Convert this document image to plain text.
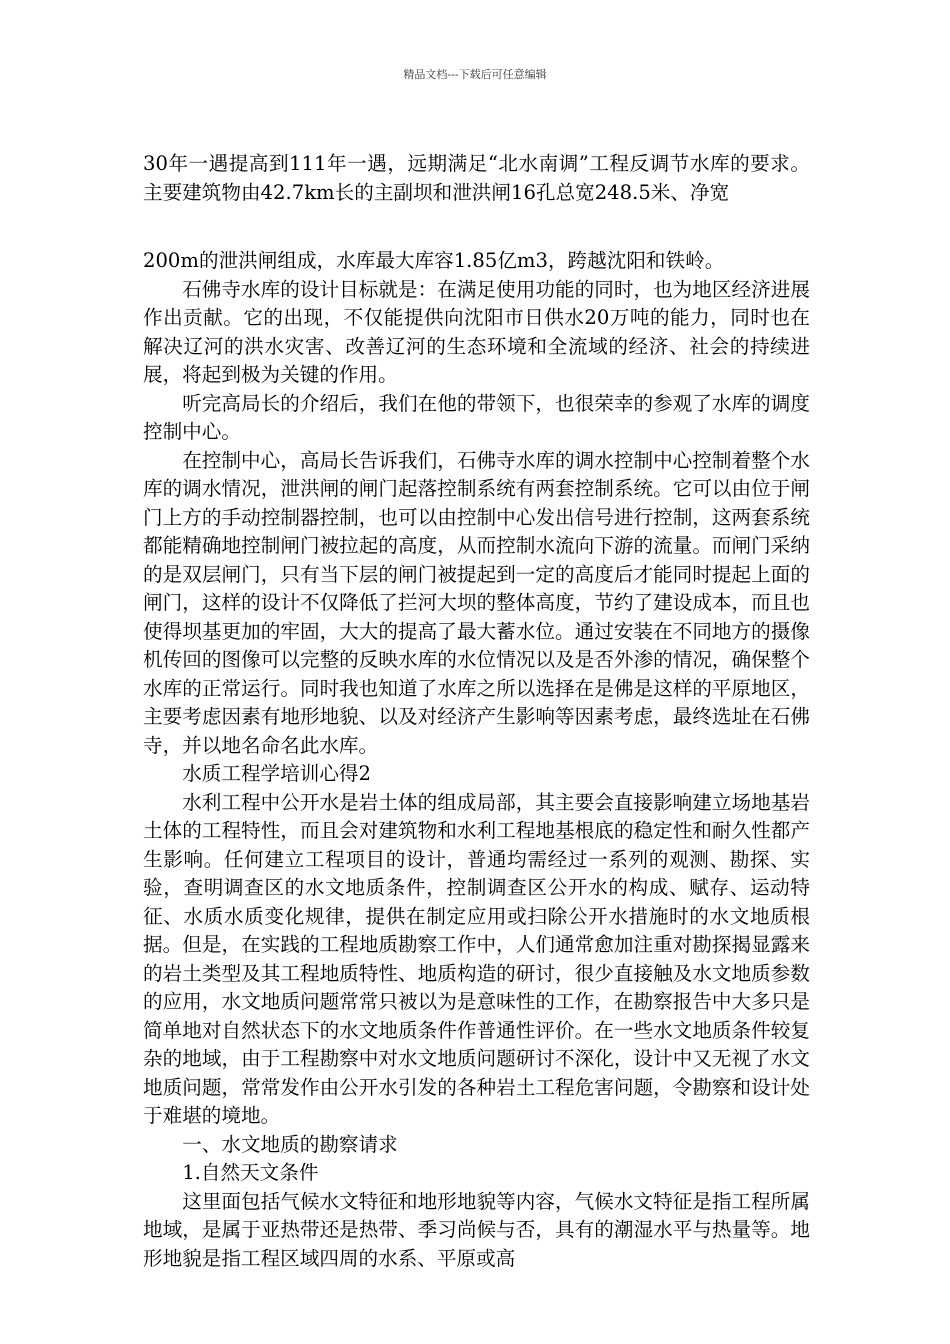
精品文档---下载后可任意编辑

30年一遇提高到111年一遇，远期满足“北水南调”工程反调节水库的要求。主要建筑物由42.7km长的主副坝和泄洪闸16孔总宽248.5米、净宽

200m的泄洪闸组成，水库最大库容1.85亿m3，跨越沈阳和铁岭。

石佛寺水库的设计目标就是：在满足使用功能的同时，也为地区经济进展作出贡献。它的出现，不仅能提供向沈阳市日供水20万吨的能力，同时也在解决辽河的洪水灾害、改善辽河的生态环境和全流域的经济、社会的持续进展，将起到极为关键的作用。

听完高局长的介绍后，我们在他的带领下，也很荣幸的参观了水库的调度控制中心。

在控制中心，高局长告诉我们，石佛寺水库的调水控制中心控制着整个水库的调水情况，泄洪闸的闸门起落控制系统有两套控制系统。它可以由位于闸门上方的手动控制器控制，也可以由控制中心发出信号进行控制，这两套系统都能精确地控制闸门被拉起的高度，从而控制水流向下游的流量。而闸门采纳的是双层闸门，只有当下层的闸门被提起到一定的高度后才能同时提起上面的闸门，这样的设计不仅降低了拦河大坝的整体高度，节约了建设成本，而且也使得坝基更加的牢固，大大的提高了最大蓄水位。通过安装在不同地方的摄像机传回的图像可以完整的反映水库的水位情况以及是否外渗的情况，确保整个水库的正常运行。同时我也知道了水库之所以选择在是佛是这样的平原地区，主要考虑因素有地形地貌、以及对经济产生影响等因素考虑，最终选址在石佛寺，并以地名命名此水库。

水质工程学培训心得2

水利工程中公开水是岩土体的组成局部，其主要会直接影响建立场地基岩土体的工程特性，而且会对建筑物和水利工程地基根底的稳定性和耐久性都产生影响。任何建立工程项目的设计，普通均需经过一系列的观测、勘探、实验，查明调查区的水文地质条件，控制调查区公开水的构成、赋存、运动特征、水质水质变化规律，提供在制定应用或扫除公开水措施时的水文地质根据。但是，在实践的工程地质勘察工作中，人们通常愈加注重对勘探揭显露来的岩土类型及其工程地质特性、地质构造的研讨，很少直接触及水文地质参数的应用，水文地质问题常常只被以为是意味性的工作，在勘察报告中大多只是简单地对自然状态下的水文地质条件作普通性评价。在一些水文地质条件较复杂的地域，由于工程勘察中对水文地质问题研讨不深化，设计中又无视了水文地质问题，常常发作由公开水引发的各种岩土工程危害问题，令勘察和设计处于难堪的境地。

一、水文地质的勘察请求

1.自然天文条件

这里面包括气候水文特征和地形地貌等内容，气候水文特征是指工程所属地域，是属于亚热带还是热带、季习尚候与否，具有的潮湿水平与热量等。地形地貌是指工程区域四周的水系、平原或高
